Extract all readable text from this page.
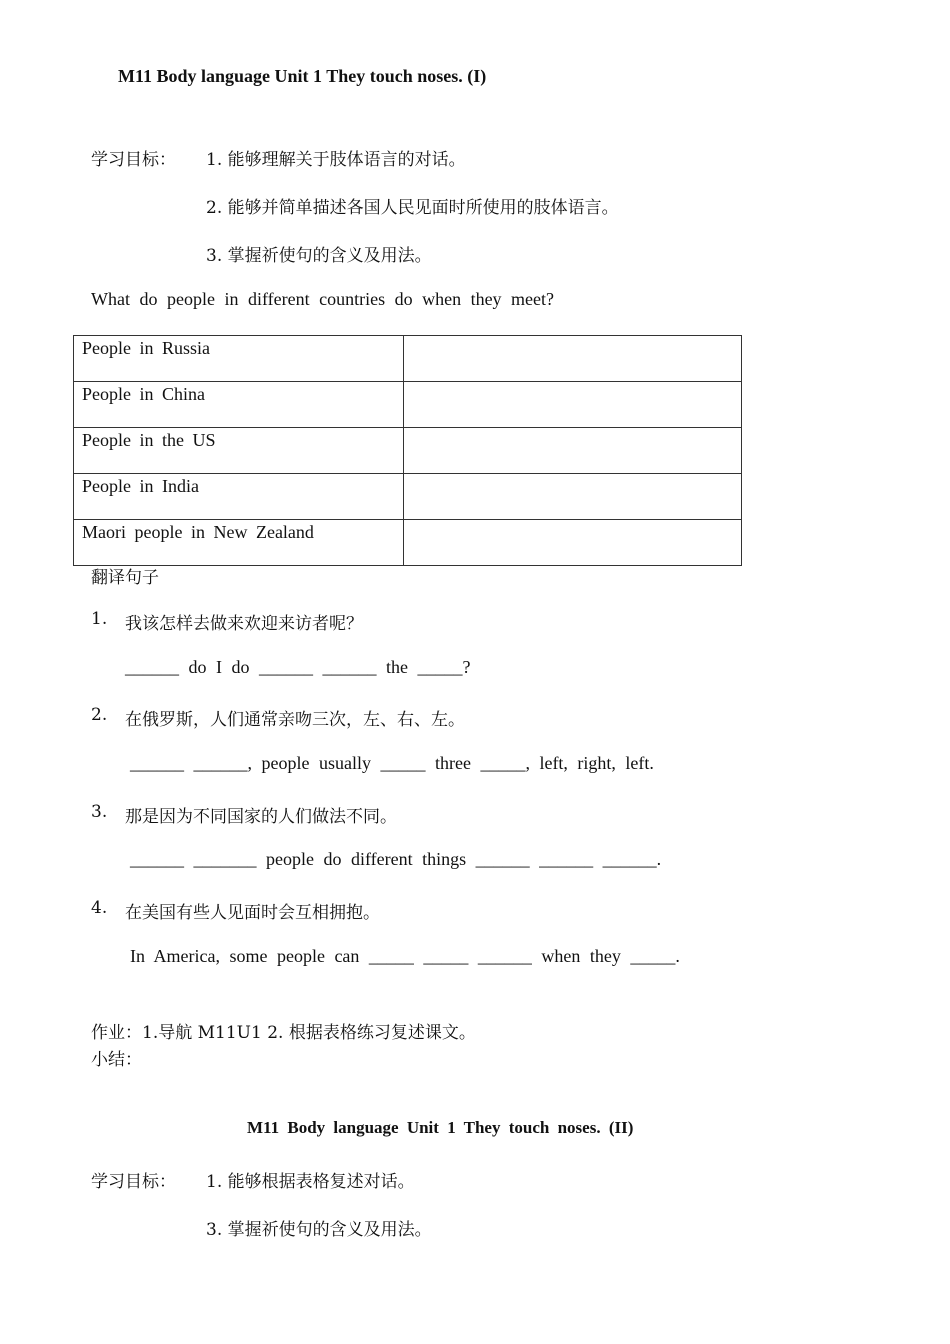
M11 Body language Unit 1 They touch noses. (I)
学习目标： 1. 能够理解关于肢体语言的对话。
2. 能够并简单描述各国人民见面时所使用的肢体语言。
3. 掌握祈使句的含义及用法。
What do people in different countries do when they meet?
People in Russia	
People in China	
People in the US	
People in India	
Maori people in New Zealand	
翻译句子
1. 我该怎样去做来欢迎来访者呢？
______ do I do ______ ______ the _____?
2. 在俄罗斯，人们通常亲吻三次，左、右、左。
______ ______, people usually _____ three _____, left, right, left.
3. 那是因为不同国家的人们做法不同。
______ _______ people do different things ______ ______ ______.
4. 在美国有些人见面时会互相拥抱。
In America, some people can _____ _____ ______ when they _____.
作业：1.导航 M11U1 2. 根据表格练习复述课文。
小结：
M11 Body language Unit 1 They touch noses. (II)
学习目标： 1. 能够根据表格复述对话。
3. 掌握祈使句的含义及用法。
